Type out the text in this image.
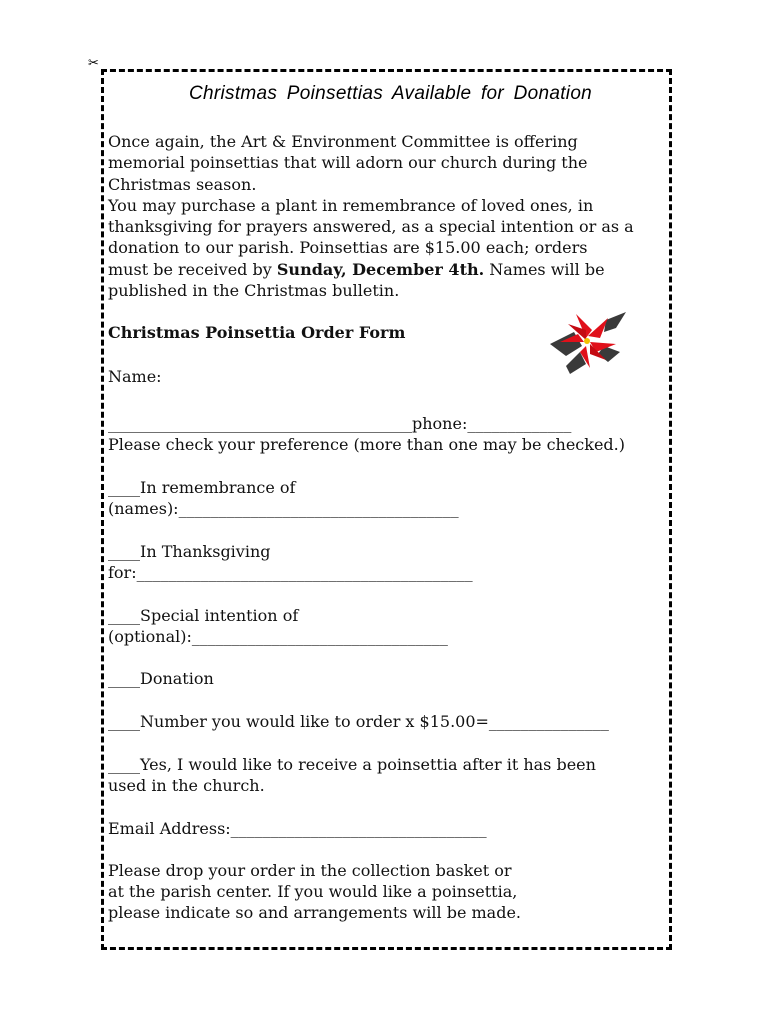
✂
Christmas Poinsettias Available for Donation
Once again, the Art & Environment Committee is offering
memorial poinsettias that will adorn our church during the
Christmas season.
You may purchase a plant in remembrance of loved ones, in
thanksgiving for prayers answered, as a special intention or as a
donation to our parish. Poinsettias are $15.00 each; orders
must be received by Sunday, December 4th. Names will be
published in the Christmas bulletin.
Christmas Poinsettia Order Form
Name:
______________________________________phone:_____________
Please check your preference (more than one may be checked.)
____In remembrance of
(names):___________________________________
____In Thanksgiving
for:__________________________________________
____Special intention of
(optional):________________________________
____Donation
____Number you would like to order x $15.00=_______________
____Yes, I would like to receive a poinsettia after it has been
used in the church.
Email Address:________________________________
Please drop your order in the collection basket or
at the parish center. If you would like a poinsettia,
please indicate so and arrangements will be made.
